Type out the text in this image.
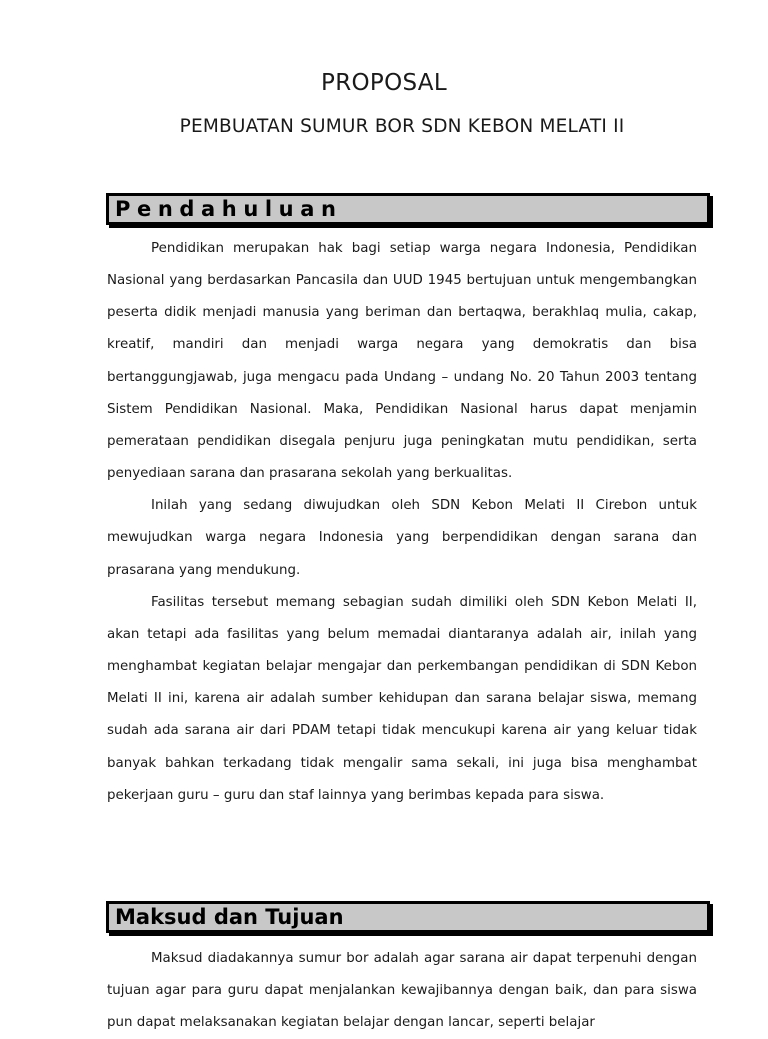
PROPOSAL
PEMBUATAN SUMUR BOR SDN KEBON MELATI II
Pendahuluan

Pendidikan merupakan hak bagi setiap warga negara Indonesia, Pendidikan Nasional yang berdasarkan Pancasila dan UUD 1945 bertujuan untuk mengembangkan peserta didik menjadi manusia yang beriman dan bertaqwa, berakhlaq mulia, cakap, kreatif, mandiri dan menjadi warga negara yang demokratis dan bisa bertanggungjawab, juga mengacu pada Undang – undang No. 20 Tahun 2003 tentang Sistem Pendidikan Nasional. Maka, Pendidikan Nasional harus dapat menjamin pemerataan pendidikan disegala penjuru juga peningkatan mutu pendidikan, serta penyediaan sarana dan prasarana sekolah yang berkualitas.

Inilah yang sedang diwujudkan oleh SDN Kebon Melati II Cirebon untuk mewujudkan warga negara Indonesia yang berpendidikan dengan sarana dan prasarana yang mendukung.

Fasilitas tersebut memang sebagian sudah dimiliki oleh SDN Kebon Melati II, akan tetapi ada fasilitas yang belum memadai diantaranya adalah air, inilah yang menghambat kegiatan belajar mengajar dan perkembangan pendidikan di SDN Kebon Melati II ini, karena air adalah sumber kehidupan dan sarana belajar siswa, memang sudah ada sarana air dari PDAM tetapi tidak mencukupi karena air yang keluar tidak banyak bahkan terkadang tidak mengalir sama sekali, ini juga bisa menghambat pekerjaan guru – guru dan staf lainnya yang berimbas kepada para siswa.

Maksud dan Tujuan

Maksud diadakannya sumur bor adalah agar sarana air dapat terpenuhi dengan tujuan agar para guru dapat menjalankan kewajibannya dengan baik, dan para siswa pun dapat melaksanakan kegiatan belajar dengan lancar, seperti belajar
